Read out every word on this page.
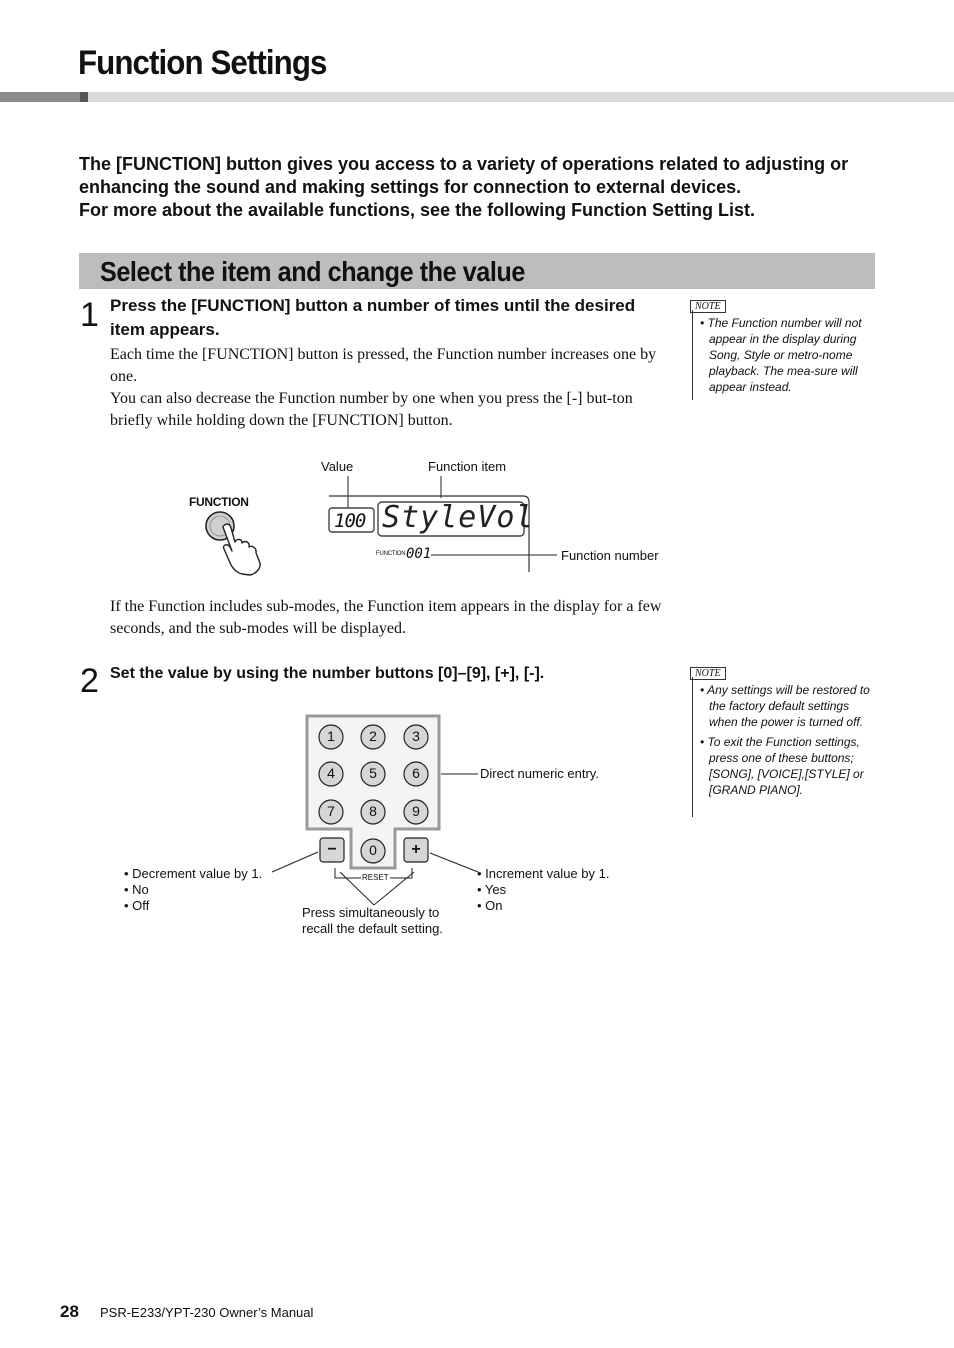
Function Settings

The [FUNCTION] button gives you access to a variety of operations related to adjusting or enhancing the sound and making settings for connection to external devices.

For more about the available functions, see the following Function Setting List.

Select the item and change the value
1 Press the [FUNCTION] button a number of times until the desired item appears.

Each time the [FUNCTION] button is pressed, the Function number increases one by one.

You can also decrease the Function number by one when you press the [-] but-ton briefly while holding down the [FUNCTION] button.

NOTE

• The Function number will not appear in the display during Song, Style or metro-nome playback. The mea-sure will appear instead.

FUNCTION
Value	Function item
Function number
100 StyleVol
FUNCTION 001
If the Function includes sub-modes, the Function item appears in the display for a few seconds, and the sub-modes will be displayed.
2 Set the value by using the number buttons [0]–[9], [+], [-].	NOTE

• Any settings will be restored to the factory default settings when the power is turned off.

• To exit the Function settings, press one of these buttons; [SONG], [VOICE],[STYLE] or [GRAND PIANO].

1 2	3
4 5	6
7 8	9
− 0 +
RESET
Direct numeric entry.
• Decrement value by 1.
• No
• Off
• Increment value by 1.
• Yes
• On
Press simultaneously to
recall the default setting.
28 PSR-E233/YPT-230 Owner’s Manual
